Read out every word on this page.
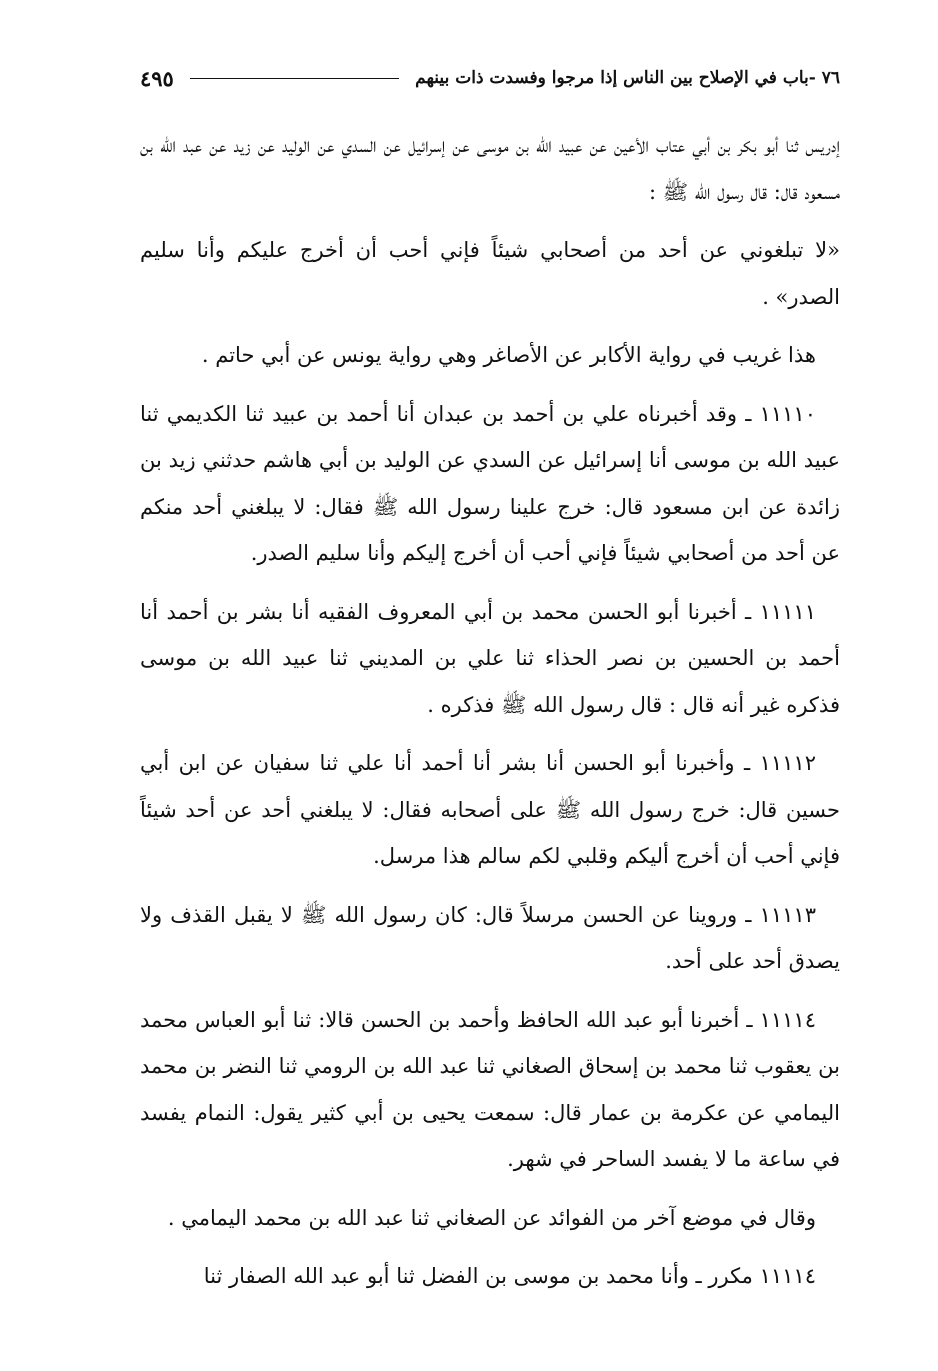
٤٩٥	٧٦ -باب في الإصلاح بين الناس إذا مرجوا وفسدت ذات بينهم

إدريس ثنا أبو بكر بن أبي عتاب الأعين عن عبيد الله بن موسى عن إسرائيل عن السدي عن الوليد عن زيد عن عبد الله بن مسعود قال: قال رسول الله ﷺ :

«لا تبلغوني عن أحد من أصحابي شيئاً فإني أحب أن أخرج عليكم وأنا سليم الصدر» .

هذا غريب في رواية الأكابر عن الأصاغر وهي رواية يونس عن أبي حاتم .

١١١١٠ ـ وقد أخبرناه علي بن أحمد بن عبدان أنا أحمد بن عبيد ثنا الكديمي ثنا عبيد الله بن موسى أنا إسرائيل عن السدي عن الوليد بن أبي هاشم حدثني زيد بن زائدة عن ابن مسعود قال: خرج علينا رسول الله ﷺ فقال: لا يبلغني أحد منكم عن أحد من أصحابي شيئاً فإني أحب أن أخرج إليكم وأنا سليم الصدر.

١١١١١ ـ أخبرنا أبو الحسن محمد بن أبي المعروف الفقيه أنا بشر بن أحمد أنا أحمد بن الحسين بن نصر الحذاء ثنا علي بن المديني ثنا عبيد الله بن موسى فذكره غير أنه قال : قال رسول الله ﷺ فذكره .

١١١١٢ ـ وأخبرنا أبو الحسن أنا بشر أنا أحمد أنا علي ثنا سفيان عن ابن أبي حسين قال: خرج رسول الله ﷺ على أصحابه فقال: لا يبلغني أحد عن أحد شيئاً فإني أحب أن أخرج أليكم وقلبي لكم سالم هذا مرسل.

١١١١٣ ـ وروينا عن الحسن مرسلاً قال: كان رسول الله ﷺ لا يقبل القذف ولا يصدق أحد على أحد.

١١١١٤ ـ أخبرنا أبو عبد الله الحافظ وأحمد بن الحسن قالا: ثنا أبو العباس محمد بن يعقوب ثنا محمد بن إسحاق الصغاني ثنا عبد الله بن الرومي ثنا النضر بن محمد اليمامي عن عكرمة بن عمار قال: سمعت يحيى بن أبي كثير يقول: النمام يفسد في ساعة ما لا يفسد الساحر في شهر.

وقال في موضع آخر من الفوائد عن الصغاني ثنا عبد الله بن محمد اليمامي .

١١١١٤ مكرر ـ وأنا محمد بن موسى بن الفضل ثنا أبو عبد الله الصفار ثنا
